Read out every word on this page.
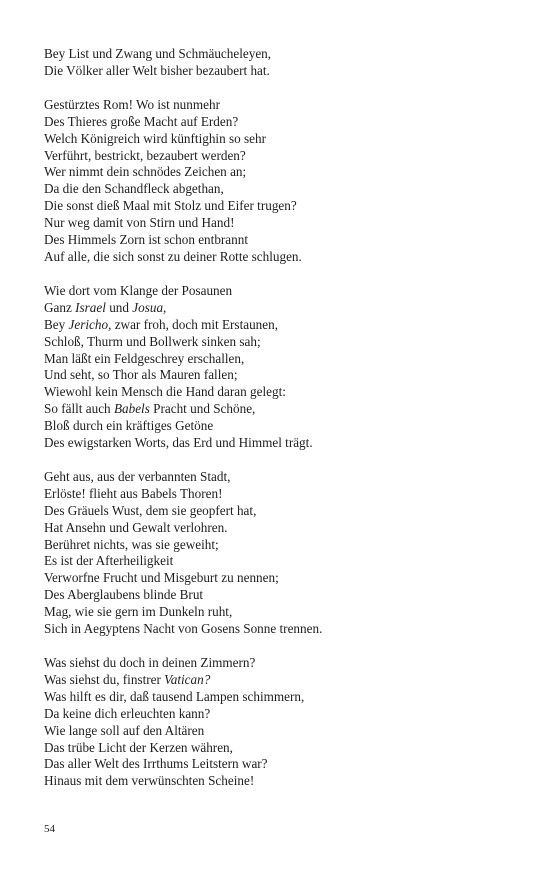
Bey List und Zwang und Schmäucheleyen,
Die Völker aller Welt bisher bezaubert hat.
Gestürztes Rom! Wo ist nunmehr
Des Thieres große Macht auf Erden?
Welch Königreich wird künftighin so sehr
Verführt, bestrickt, bezaubert werden?
Wer nimmt dein schnödes Zeichen an;
Da die den Schandfleck abgethan,
Die sonst dieß Maal mit Stolz und Eifer trugen?
Nur weg damit von Stirn und Hand!
Des Himmels Zorn ist schon entbrannt
Auf alle, die sich sonst zu deiner Rotte schlugen.
Wie dort vom Klange der Posaunen
Ganz Israel und Josua,
Bey Jericho, zwar froh, doch mit Erstaunen,
Schloß, Thurm und Bollwerk sinken sah;
Man läßt ein Feldgeschrey erschallen,
Und seht, so Thor als Mauren fallen;
Wiewohl kein Mensch die Hand daran gelegt:
So fällt auch Babels Pracht und Schöne,
Bloß durch ein kräftiges Getöne
Des ewigstarken Worts, das Erd und Himmel trägt.
Geht aus, aus der verbannten Stadt,
Erlöste! flieht aus Babels Thoren!
Des Gräuels Wust, dem sie geopfert hat,
Hat Ansehn und Gewalt verlohren.
Berühret nichts, was sie geweiht;
Es ist der Afterheiligkeit
Verworfne Frucht und Misgeburt zu nennen;
Des Aberglaubens blinde Brut
Mag, wie sie gern im Dunkeln ruht,
Sich in Aegyptens Nacht von Gosens Sonne trennen.
Was siehst du doch in deinen Zimmern?
Was siehst du, finstrer Vatican?
Was hilft es dir, daß tausend Lampen schimmern,
Da keine dich erleuchten kann?
Wie lange soll auf den Altären
Das trübe Licht der Kerzen währen,
Das aller Welt des Irrthums Leitstern war?
Hinaus mit dem verwünschten Scheine!
54
